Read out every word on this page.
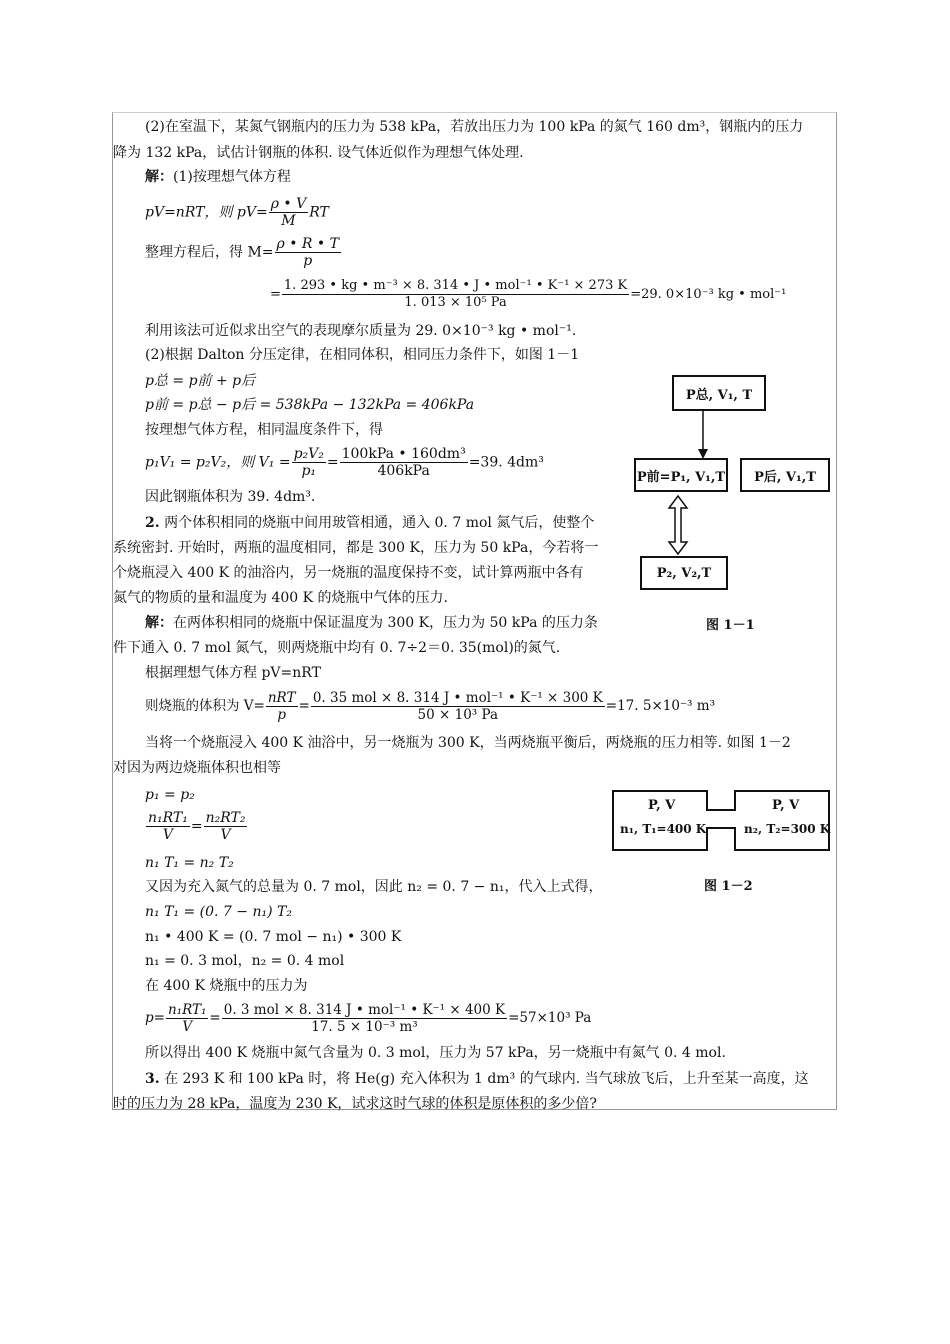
(2)在室温下，某氮气钢瓶内的压力为 538 kPa，若放出压力为 100 kPa 的氮气 160 dm³，钢瓶内的压力
降为 132 kPa，试估计钢瓶的体积. 设气体近似作为理想气体处理.
解：(1)按理想气体方程
pV=nRT，则 $pV= \frac{\rho • V}{M}$ RT
整理方程后，得 $M= \frac{\rho • R • T}{p}$
= $\frac{\text{1. 293 • kg • m⁻³ × 8. 314 • J • mol⁻¹ • K⁻¹ × 273 K}}{\text{1. 013 × 10⁵ Pa}} =29$. 0×10⁻³ kg • mol⁻¹
利用该法可近似求出空气的表现摩尔质量为 29. 0×10⁻³ kg • mol⁻¹.
(2)根据 Dalton 分压定律，在相同体积，相同压力条件下，如图 1－1
p总 = p前 + p后
p前 = p总 − p后 = 538kPa − 132kPa = 406kPa
按理想气体方程，相同温度条件下，得
p₁V₁ = p₂V₂，则 $V_1 = \frac{\text{p₂V₂}}{\text{p₁}} = \frac{\text{100kPa • 160dm³}}{\text{406kPa}} =39$. 4dm³
因此钢瓶体积为 39. 4dm³.
2. 两个体积相同的烧瓶中间用玻管相通，通入 0. 7 mol 氮气后，使整个
系统密封. 开始时，两瓶的温度相同，都是 300 K，压力为 50 kPa，今若将一
个烧瓶浸入 400 K 的油浴内，另一烧瓶的温度保持不变，试计算两瓶中各有
氮气的物质的量和温度为 400 K 的烧瓶中气体的压力.
解：在两体积相同的烧瓶中保证温度为 300 K，压力为 50 kPa 的压力条
件下通入 0. 7 mol 氮气，则两烧瓶中均有 0. 7÷2＝0. 35(mol)的氮气.
根据理想气体方程 pV=nRT
则烧瓶的体积为 $V= \frac{\text{nRT}}{p} = \frac{\text{0. 35 mol × 8. 314 J • mol⁻¹ • K⁻¹ × 300 K}}{\text{50 × 10³ Pa}} =17$. 5×10⁻³ m³
当将一个烧瓶浸入 400 K 油浴中，另一烧瓶为 300 K，当两烧瓶平衡后，两烧瓶的压力相等. 如图 1－2
对因为两边烧瓶体积也相等
p₁ = p₂
$\frac{\text{n₁RT₁}}{V} = \frac{\text{n₂RT₂}}{V}$
n₁ T₁ = n₂ T₂
又因为充入氮气的总量为 0. 7 mol，因此 n₂ = 0. 7 − n₁，代入上式得，
n₁ T₁ = (0. 7 − n₁) T₂
n₁ • 400 K = (0. 7 mol − n₁) • 300 K
n₁ = 0. 3 mol，n₂ = 0. 4 mol
在 400 K 烧瓶中的压力为
$p= \frac{\text{n₁RT₁}}{V} = \frac{\text{0. 3 mol × 8. 314 J • mol⁻¹ • K⁻¹ × 400 K}}{\text{17. 5 × 10⁻³ m³}} =57\times 10^3$ Pa
所以得出 400 K 烧瓶中氮气含量为 0. 3 mol，压力为 57 kPa，另一烧瓶中有氮气 0. 4 mol.
3. 在 293 K 和 100 kPa 时，将 He(g) 充入体积为 1 dm³ 的气球内. 当气球放飞后，上升至某一高度，这
时的压力为 28 kPa，温度为 230 K，试求这时气球的体积是原体积的多少倍?
P总, V₁, T
P前=P₁, V₁,T	P后, V₁,T
P₂, V₂,T
图 1－1
P, V
n₁, T₁=400 K
P, V
n₂, T₂=300 K
图 1－2
